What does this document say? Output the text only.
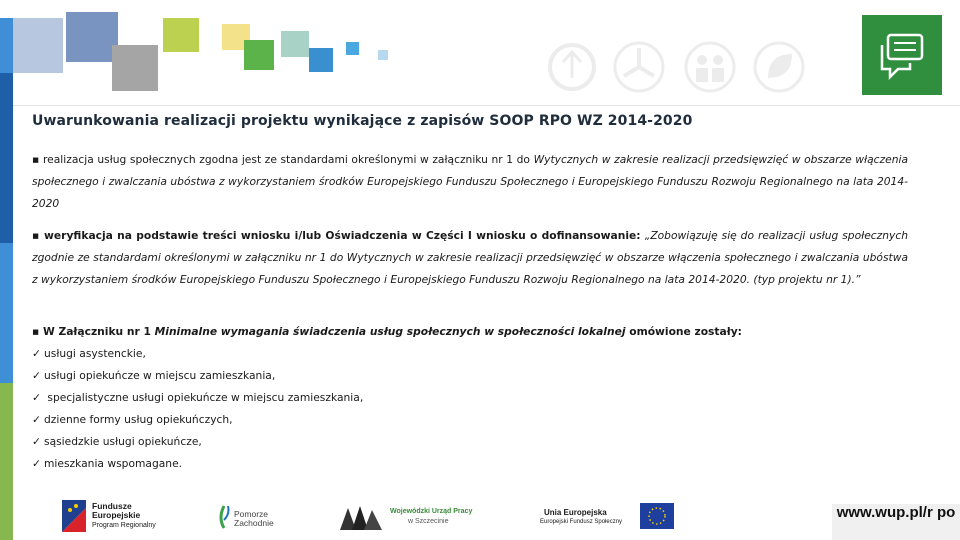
Uwarunkowania realizacji projektu wynikające z zapisów SOOP RPO WZ 2014-2020
▪ realizacja usług społecznych zgodna jest ze standardami określonymi w załączniku nr 1 do Wytycznych w zakresie realizacji przedsięwzięć w obszarze włączenia społecznego i zwalczania ubóstwa z wykorzystaniem środków Europejskiego Funduszu Społecznego i Europejskiego Funduszu Rozwoju Regionalnego na lata 2014-2020
▪ weryfikacja na podstawie treści wniosku i/lub Oświadczenia w Części I wniosku o dofinansowanie: „Zobowiązuję się do realizacji usług społecznych zgodnie ze standardami określonymi w załączniku nr 1 do Wytycznych w zakresie realizacji przedsięwzięć w obszarze włączenia społecznego i zwalczania ubóstwa z wykorzystaniem środków Europejskiego Funduszu Społecznego i Europejskiego Funduszu Rozwoju Regionalnego na lata 2014-2020. (typ projektu nr 1).”
▪ W Załączniku nr 1 Minimalne wymagania świadczenia usług społecznych w społeczności lokalnej omówione zostały:
✓ usługi asystenckie,
✓ usługi opiekuńcze w miejscu zamieszkania,
✓ specjalistyczne usługi opiekuńcze w miejscu zamieszkania,
✓ dzienne formy usług opiekuńczych,
✓ sąsiedzkie usługi opiekuńcze,
✓ mieszkania wspomagane.
Fundusze
Europejskie
Program Regionalny
Pomorze
Zachodnie
Wojewódzki Urząd Pracy
w Szczecinie
Unia Europejska
Europejski Fundusz Społeczny
www.wup.pl/r po
